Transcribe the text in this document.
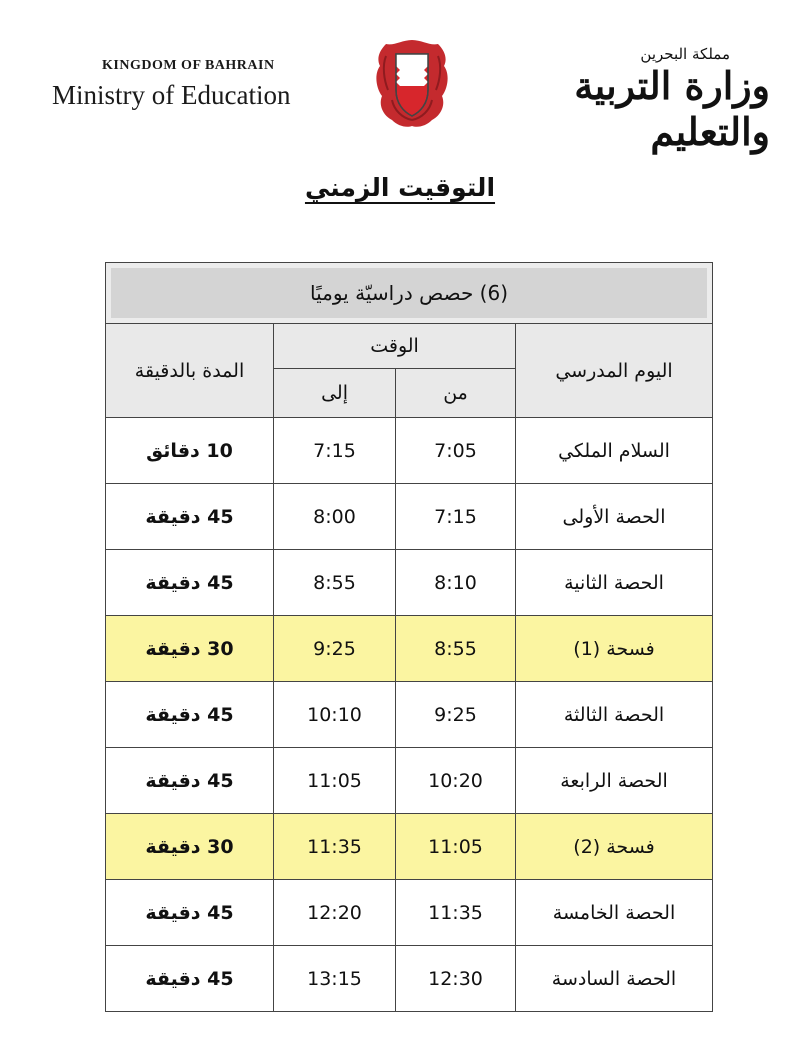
KINGDOM OF BAHRAIN
Ministry of Education
مملكة البحرين
وزارة التربية والتعليم
التوقيت الزمني
(6) حصص دراسيّة يوميًا			
اليوم المدرسي	الوقت		المدة بالدقيقة
	من	إلى	
السلام الملكي	7:05	7:15	10 دقائق
الحصة الأولى	7:15	8:00	45 دقيقة
الحصة الثانية	8:10	8:55	45 دقيقة
فسحة (1)	8:55	9:25	30 دقيقة
الحصة الثالثة	9:25	10:10	45 دقيقة
الحصة الرابعة	10:20	11:05	45 دقيقة
فسحة (2)	11:05	11:35	30 دقيقة
الحصة الخامسة	11:35	12:20	45 دقيقة
الحصة السادسة	12:30	13:15	45 دقيقة
